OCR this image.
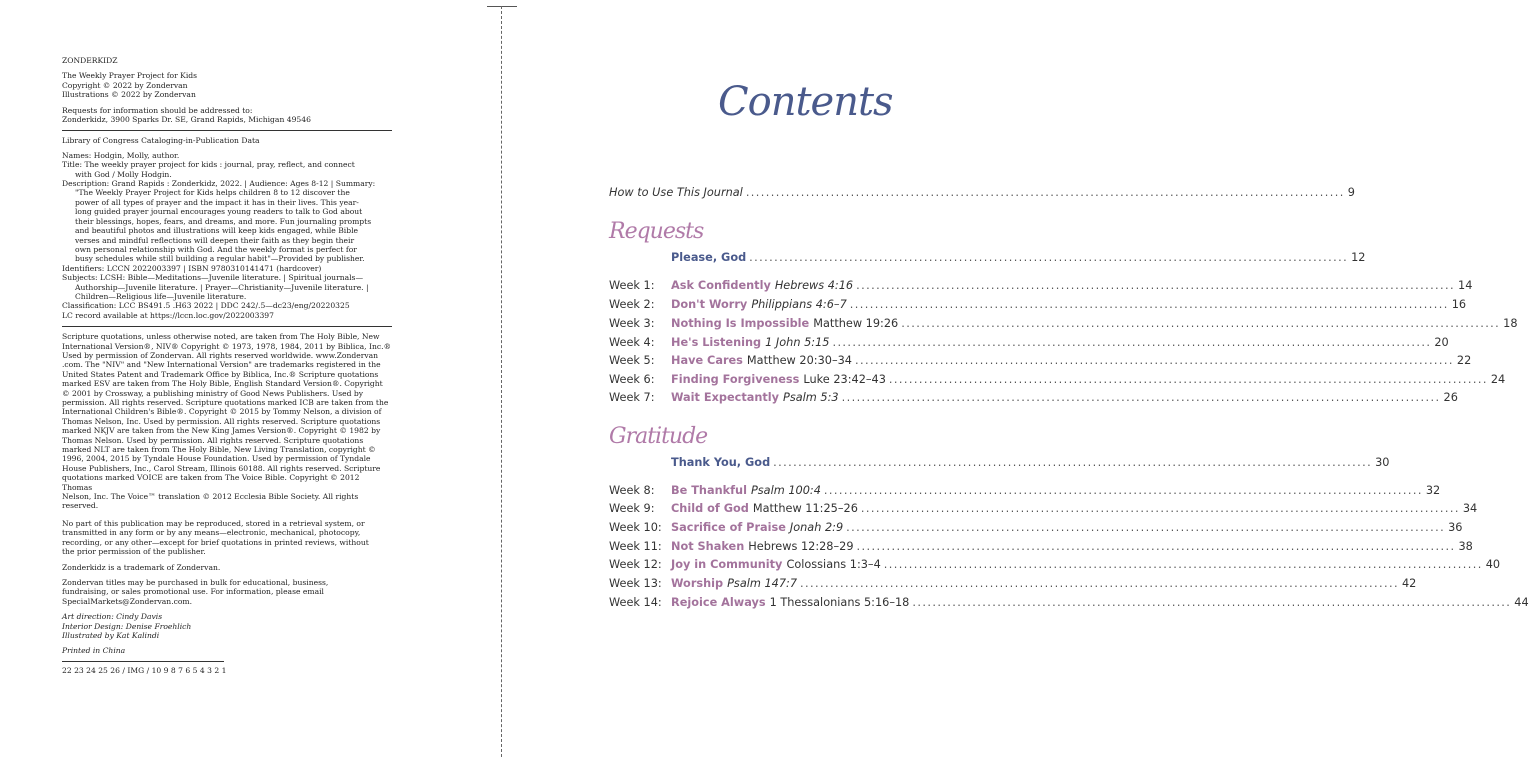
ZONDERKIDZ

The Weekly Prayer Project for Kids
Copyright © 2022 by Zondervan
Illustrations © 2022 by Zondervan

Requests for information should be addressed to:
Zonderkidz, 3900 Sparks Dr. SE, Grand Rapids, Michigan 49546

Library of Congress Cataloging-in-Publication Data
Names: Hodgin, Molly, author.
Title: The weekly prayer project for kids : journal, pray, reflect, and connect
with God / Molly Hodgin.
Description: Grand Rapids : Zonderkidz, 2022. | Audience: Ages 8-12 | Summary:
"The Weekly Prayer Project for Kids helps children 8 to 12 discover the
power of all types of prayer and the impact it has in their lives. This year-
long guided prayer journal encourages young readers to talk to God about
their blessings, hopes, fears, and dreams, and more. Fun journaling prompts
and beautiful photos and illustrations will keep kids engaged, while Bible
verses and mindful reflections will deepen their faith as they begin their
own personal relationship with God. And the weekly format is perfect for
busy schedules while still building a regular habit"—Provided by publisher.
Identifiers: LCCN 2022003397 | ISBN 9780310141471 (hardcover)
Subjects: LCSH: Bible—Meditations—Juvenile literature. | Spiritual journals—
Authorship—Juvenile literature. | Prayer—Christianity—Juvenile literature. |
Children—Religious life—Juvenile literature.
Classification: LCC BS491.5 .H63 2022 | DDC 242/.5—dc23/eng/20220325
LC record available at https://lccn.loc.gov/2022003397

Scripture quotations, unless otherwise noted, are taken from The Holy Bible, New
International Version®, NIV® Copyright © 1973, 1978, 1984, 2011 by Biblica, Inc.®
Used by permission of Zondervan. All rights reserved worldwide. www.Zondervan
.com. The "NIV" and "New International Version" are trademarks registered in the
United States Patent and Trademark Office by Biblica, Inc.® Scripture quotations
marked ESV are taken from The Holy Bible, English Standard Version®. Copyright
© 2001 by Crossway, a publishing ministry of Good News Publishers. Used by
permission. All rights reserved. Scripture quotations marked ICB are taken from the
International Children's Bible®. Copyright © 2015 by Tommy Nelson, a division of
Thomas Nelson, Inc. Used by permission. All rights reserved. Scripture quotations
marked NKJV are taken from the New King James Version®. Copyright © 1982 by
Thomas Nelson. Used by permission. All rights reserved. Scripture quotations
marked NLT are taken from The Holy Bible, New Living Translation, copyright ©
1996, 2004, 2015 by Tyndale House Foundation. Used by permission of Tyndale
House Publishers, Inc., Carol Stream, Illinois 60188. All rights reserved. Scripture
quotations marked VOICE are taken from The Voice Bible. Copyright © 2012 Thomas
Nelson, Inc. The Voice™ translation © 2012 Ecclesia Bible Society. All rights reserved.

No part of this publication may be reproduced, stored in a retrieval system, or
transmitted in any form or by any means—electronic, mechanical, photocopy,
recording, or any other—except for brief quotations in printed reviews, without
the prior permission of the publisher.

Zonderkidz is a trademark of Zondervan.

Zondervan titles may be purchased in bulk for educational, business,
fundraising, or sales promotional use. For information, please email
SpecialMarkets@Zondervan.com.

Art direction: Cindy Davis
Interior Design: Denise Froehlich
Illustrated by Kat Kalindi

Printed in China

22 23 24 25 26 / IMG / 10 9 8 7 6 5 4 3 2 1

Contents
How to Use This Journal ........................................................................................................................ 9
Please, God ........................................................................................................................ 12
Week 1:	Ask Confidently Hebrews 4:16 ........................................................................................................................ 14
Week 2:	Don't Worry Philippians 4:6–7 ........................................................................................................................ 16
Week 3:	Nothing Is Impossible Matthew 19:26 ........................................................................................................................ 18
Week 4:	He's Listening 1 John 5:15 ........................................................................................................................ 20
Week 5:	Have Cares Matthew 20:30–34 ........................................................................................................................ 22
Week 6:	Finding Forgiveness Luke 23:42–43 ........................................................................................................................ 24
Week 7:	Wait Expectantly Psalm 5:3 ........................................................................................................................ 26
Thank You, God ........................................................................................................................ 30
Week 8:	Be Thankful Psalm 100:4 ........................................................................................................................ 32
Week 9:	Child of God Matthew 11:25–26 ........................................................................................................................ 34
Week 10: Sacrifice of Praise Jonah 2:9 ........................................................................................................................ 36
Week 11: Not Shaken Hebrews 12:28–29 ........................................................................................................................ 38
Week 12: Joy in Community Colossians 1:3–4 ........................................................................................................................ 40
Week 13: Worship Psalm 147:7 ........................................................................................................................ 42
Week 14: Rejoice Always 1 Thessalonians 5:16–18 ........................................................................................................................ 44
Requests
Gratitude
